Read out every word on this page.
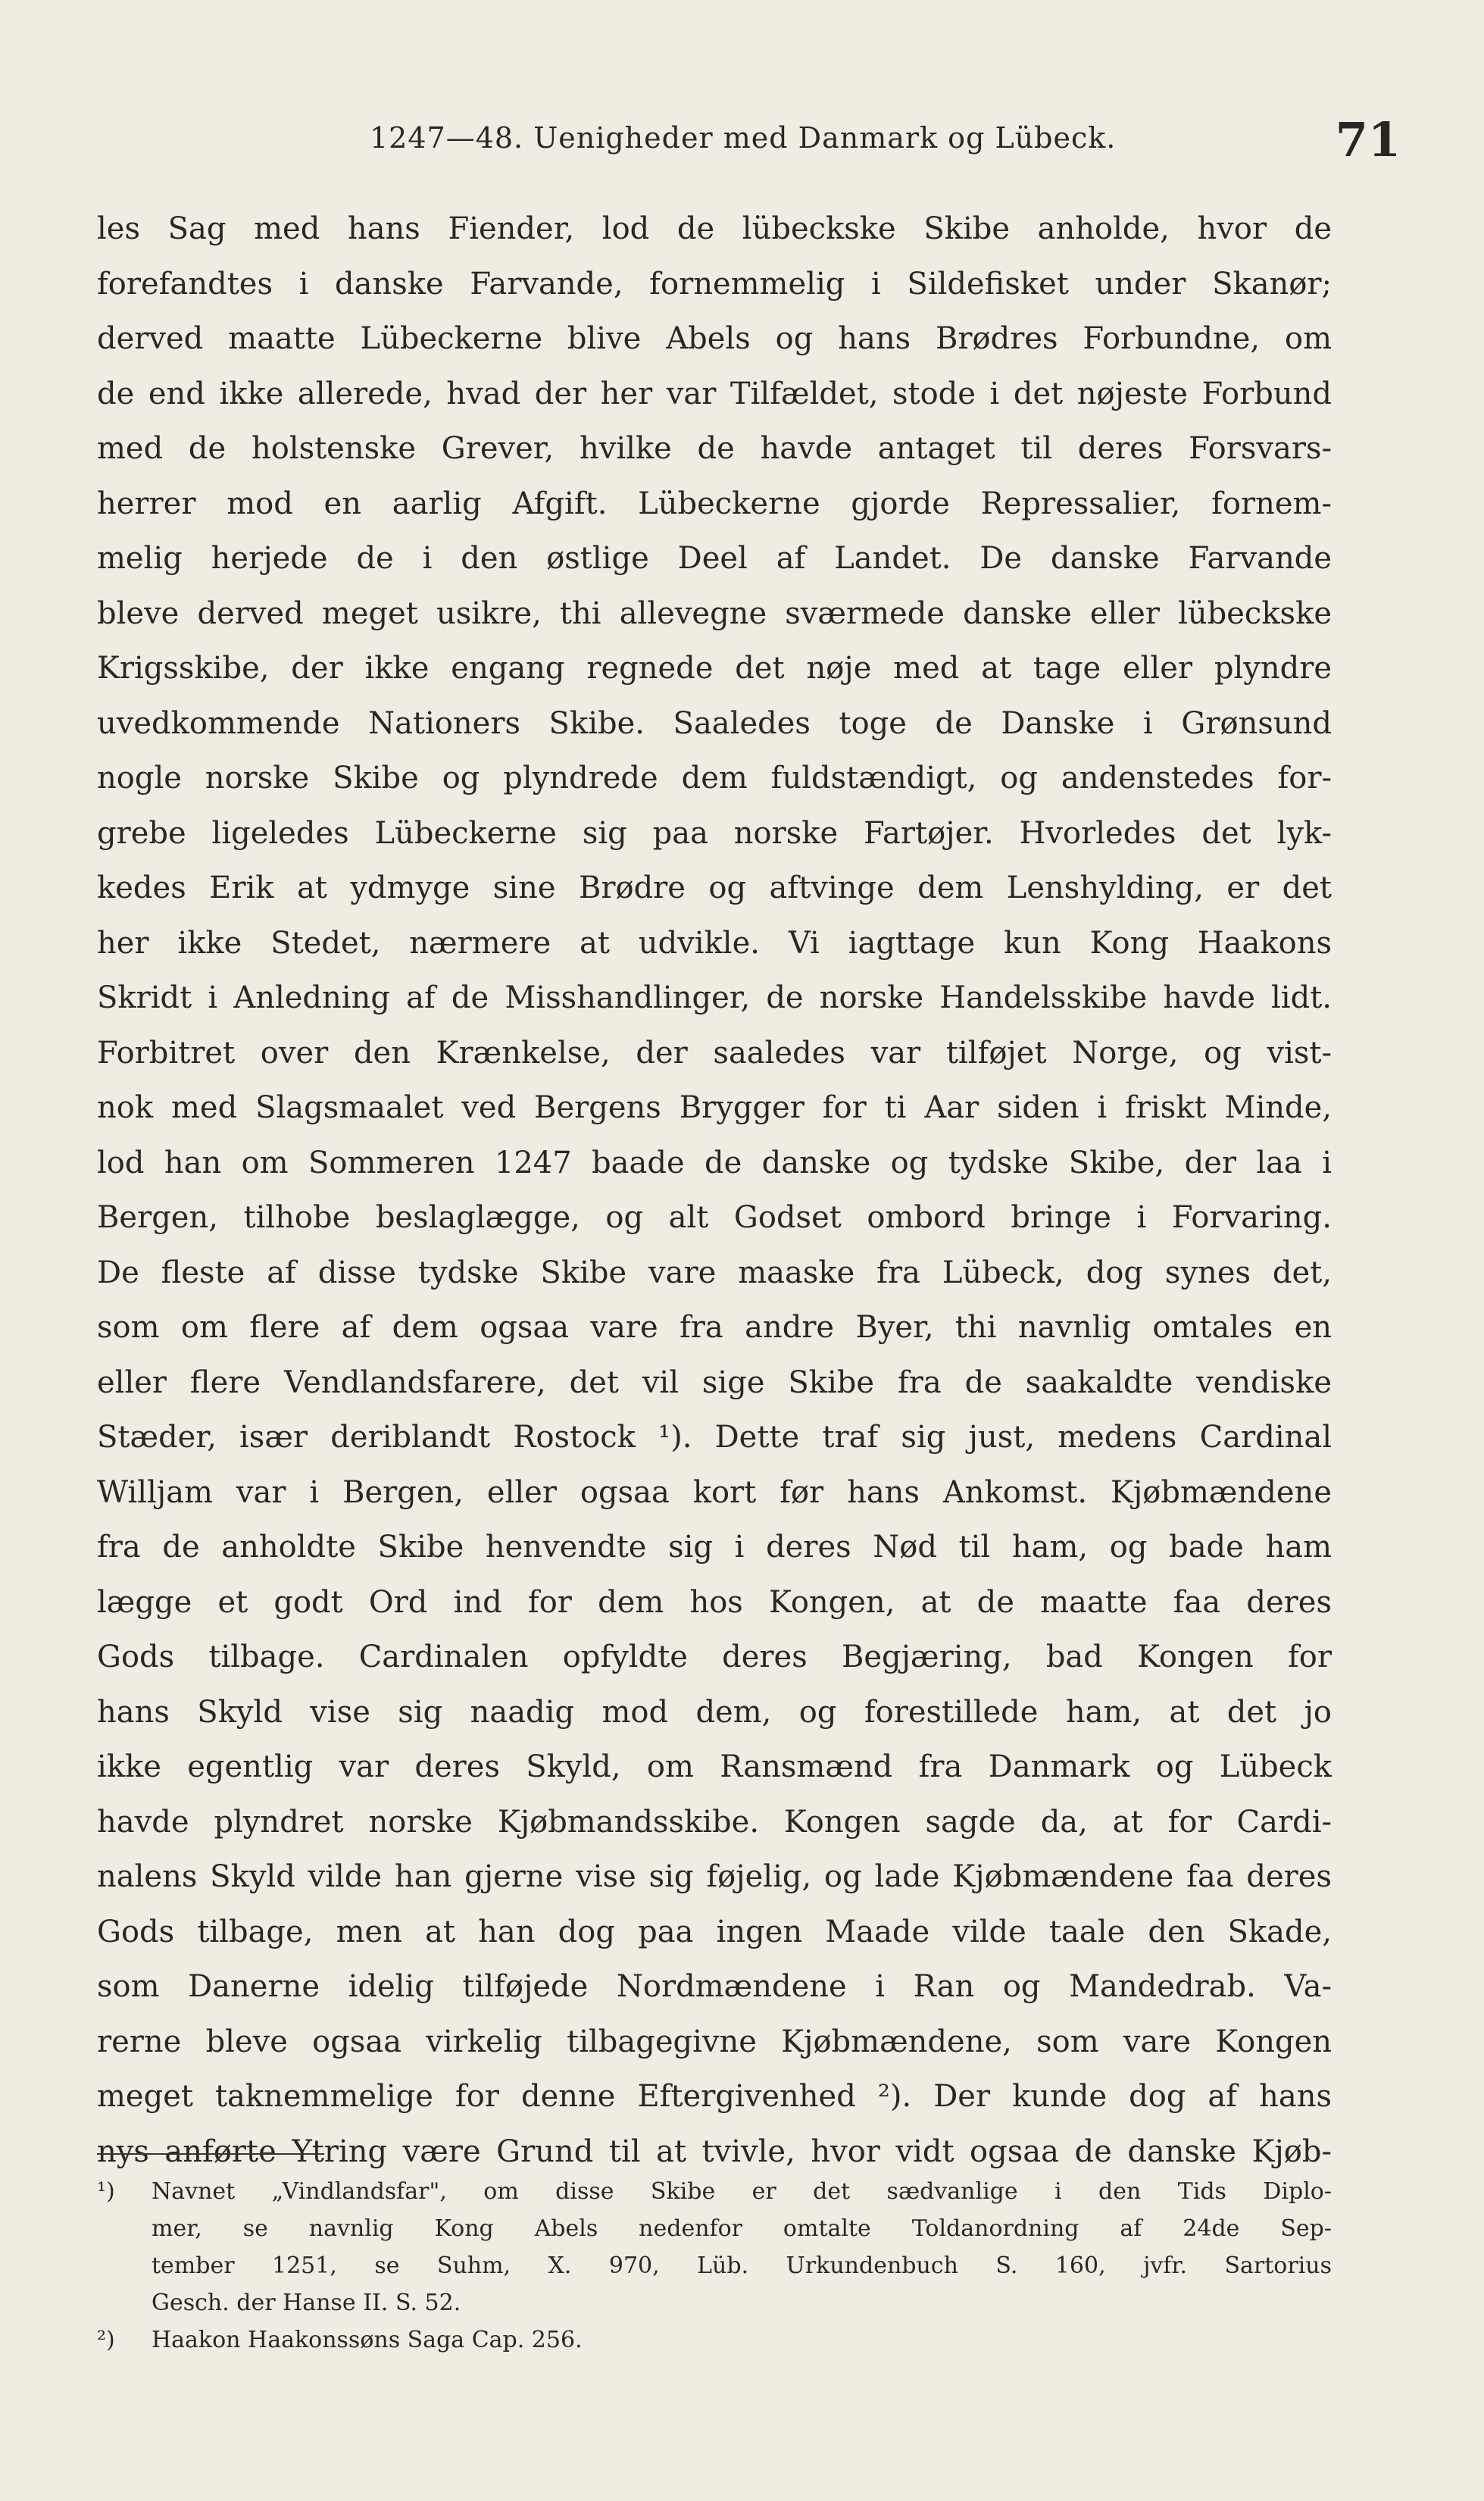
1247—48. Uenigheder med Danmark og Lübeck.	71
les Sag med hans Fiender, lod de lübeckske Skibe anholde, hvor de
forefandtes i danske Farvande, fornemmelig i Sildefisket under Skanør;
derved maatte Lübeckerne blive Abels og hans Brødres Forbundne, om
de end ikke allerede, hvad der her var Tilfældet, stode i det nøjeste Forbund
med de holstenske Grever, hvilke de havde antaget til deres Forsvars-
herrer mod en aarlig Afgift. Lübeckerne gjorde Repressalier, fornem-
melig herjede de i den østlige Deel af Landet. De danske Farvande
bleve derved meget usikre, thi allevegne sværmede danske eller lübeckske
Krigsskibe, der ikke engang regnede det nøje med at tage eller plyndre
uvedkommende Nationers Skibe. Saaledes toge de Danske i Grønsund
nogle norske Skibe og plyndrede dem fuldstændigt, og andenstedes for-
grebe ligeledes Lübeckerne sig paa norske Fartøjer. Hvorledes det lyk-
kedes Erik at ydmyge sine Brødre og aftvinge dem Lenshylding, er det
her ikke Stedet, nærmere at udvikle. Vi iagttage kun Kong Haakons
Skridt i Anledning af de Misshandlinger, de norske Handelsskibe havde lidt.
Forbitret over den Krænkelse, der saaledes var tilføjet Norge, og vist-
nok med Slagsmaalet ved Bergens Brygger for ti Aar siden i friskt Minde,
lod han om Sommeren 1247 baade de danske og tydske Skibe, der laa i
Bergen, tilhobe beslaglægge, og alt Godset ombord bringe i Forvaring.
De fleste af disse tydske Skibe vare maaske fra Lübeck, dog synes det,
som om flere af dem ogsaa vare fra andre Byer, thi navnlig omtales en
eller flere Vendlandsfarere, det vil sige Skibe fra de saakaldte vendiske
Stæder, især deriblandt Rostock ¹). Dette traf sig just, medens Cardinal
Willjam var i Bergen, eller ogsaa kort før hans Ankomst. Kjøbmændene
fra de anholdte Skibe henvendte sig i deres Nød til ham, og bade ham
lægge et godt Ord ind for dem hos Kongen, at de maatte faa deres
Gods tilbage. Cardinalen opfyldte deres Begjæring, bad Kongen for
hans Skyld vise sig naadig mod dem, og forestillede ham, at det jo
ikke egentlig var deres Skyld, om Ransmænd fra Danmark og Lübeck
havde plyndret norske Kjøbmandsskibe. Kongen sagde da, at for Cardi-
nalens Skyld vilde han gjerne vise sig føjelig, og lade Kjøbmændene faa deres
Gods tilbage, men at han dog paa ingen Maade vilde taale den Skade,
som Danerne idelig tilføjede Nordmændene i Ran og Mandedrab. Va-
rerne bleve ogsaa virkelig tilbagegivne Kjøbmændene, som vare Kongen
meget taknemmelige for denne Eftergivenhed ²). Der kunde dog af hans
nys anførte Ytring være Grund til at tvivle, hvor vidt ogsaa de danske Kjøb-
¹) Navnet „Vindlandsfar", om disse Skibe er det sædvanlige i den Tids Diplo-
mer, se navnlig Kong Abels nedenfor omtalte Toldanordning af 24de Sep-
tember 1251, se Suhm, X. 970, Lüb. Urkundenbuch S. 160, jvfr. Sartorius
Gesch. der Hanse II. S. 52.
²) Haakon Haakonssøns Saga Cap. 256.
